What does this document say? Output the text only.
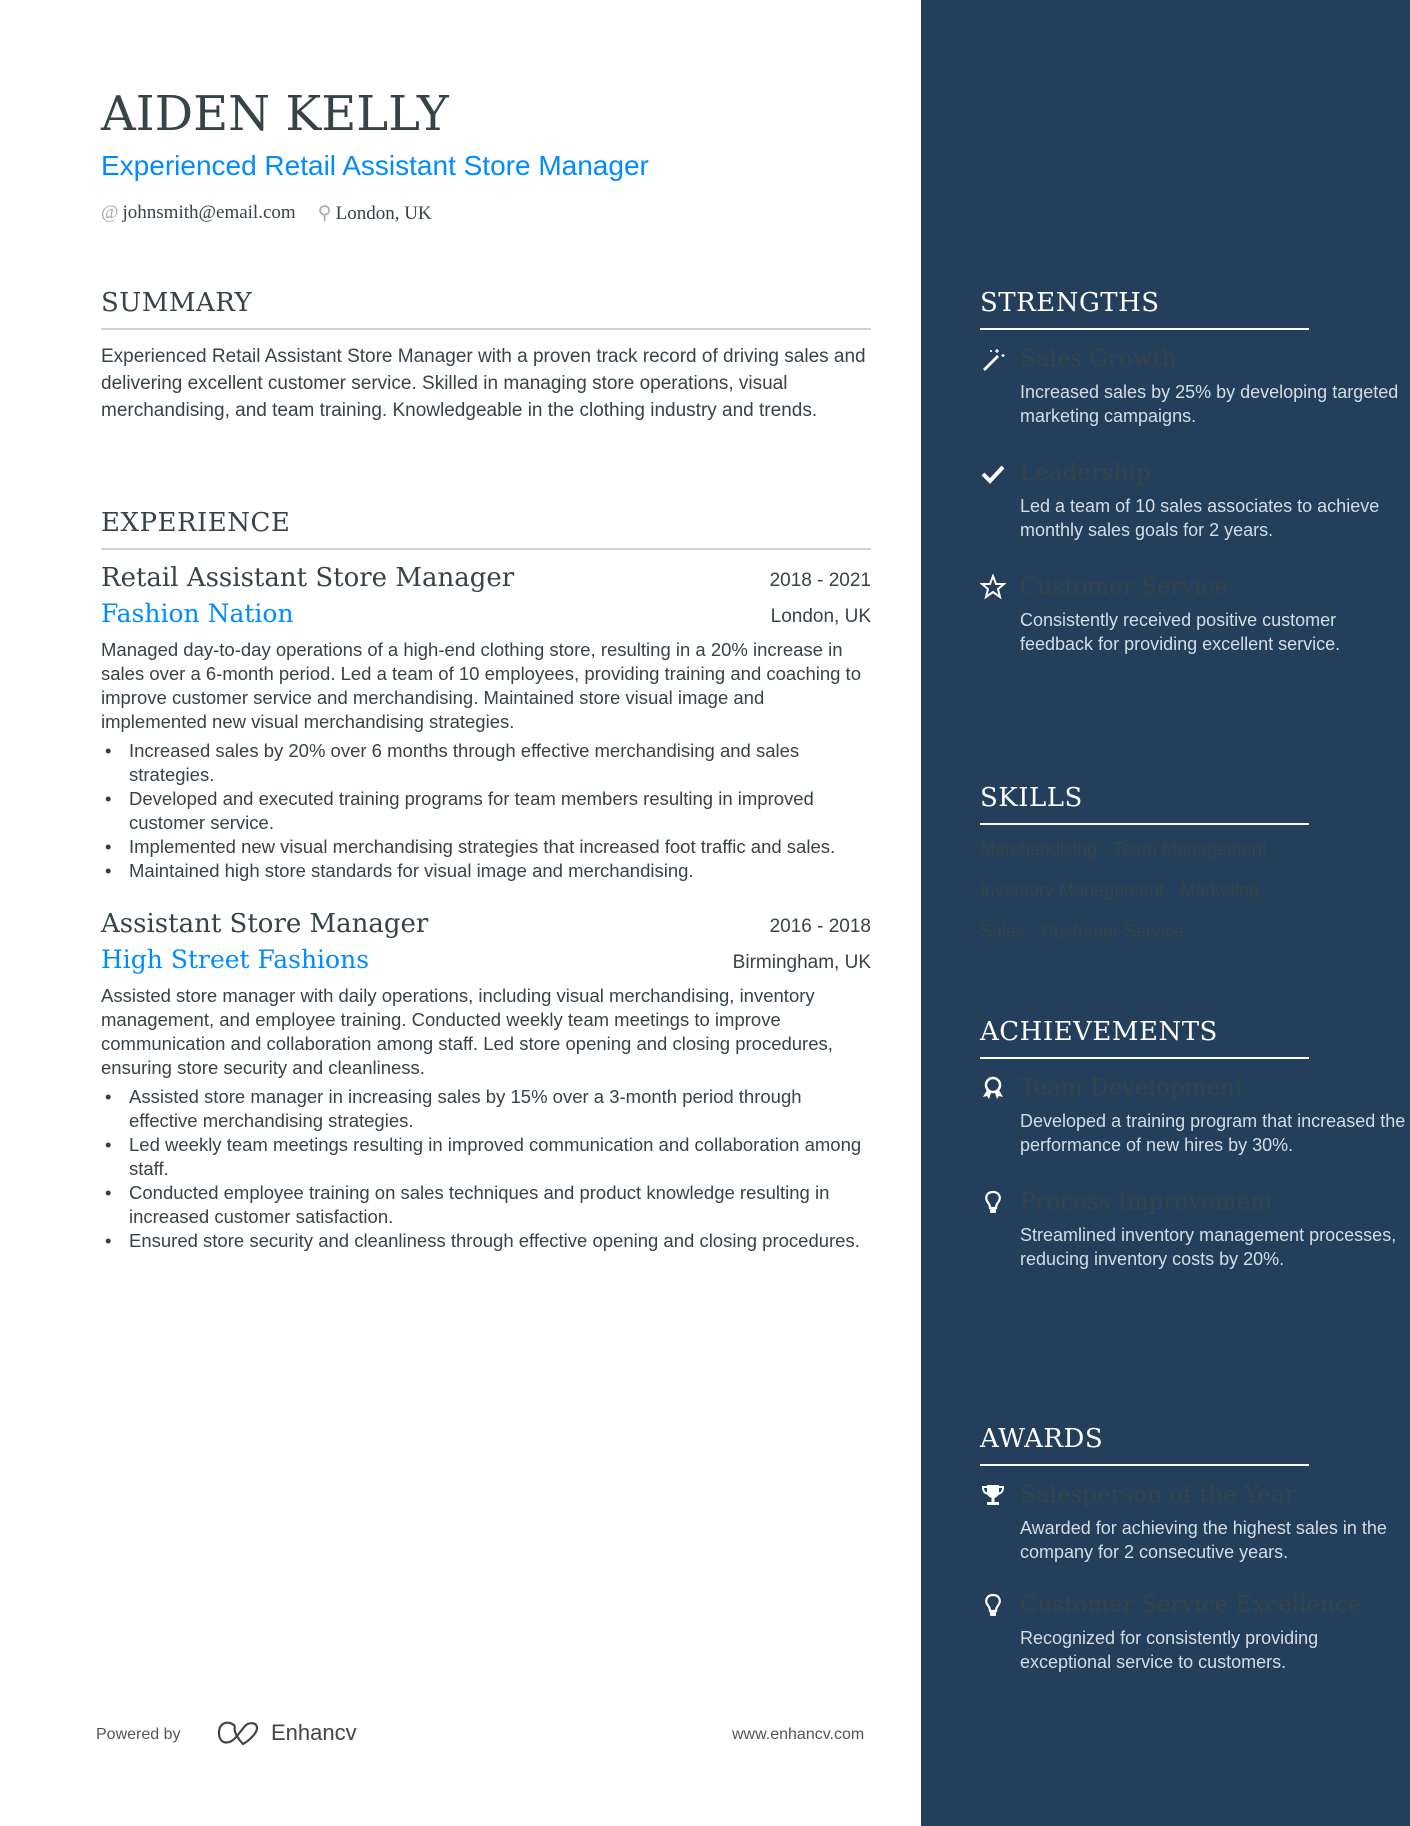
AIDEN KELLY
Experienced Retail Assistant Store Manager
@ johnsmith@email.com ⚲ London, UK
SUMMARY
Experienced Retail Assistant Store Manager with a proven track record of driving sales and delivering excellent customer service. Skilled in managing store operations, visual merchandising, and team training. Knowledgeable in the clothing industry and trends.
EXPERIENCE
Retail Assistant Store Manager	2018 - 2021
Fashion Nation	London, UK
Managed day-to-day operations of a high-end clothing store, resulting in a 20% increase in sales over a 6-month period. Led a team of 10 employees, providing training and coaching to improve customer service and merchandising. Maintained store visual image and implemented new visual merchandising strategies.
• Increased sales by 20% over 6 months through effective merchandising and sales strategies.
• Developed and executed training programs for team members resulting in improved customer service.
• Implemented new visual merchandising strategies that increased foot traffic and sales.
• Maintained high store standards for visual image and merchandising.
Assistant Store Manager	2016 - 2018
High Street Fashions	Birmingham, UK
Assisted store manager with daily operations, including visual merchandising, inventory management, and employee training. Conducted weekly team meetings to improve communication and collaboration among staff. Led store opening and closing procedures, ensuring store security and cleanliness.
• Assisted store manager in increasing sales by 15% over a 3-month period through effective merchandising strategies.
• Led weekly team meetings resulting in improved communication and collaboration among staff.
• Conducted employee training on sales techniques and product knowledge resulting in increased customer satisfaction.
• Ensured store security and cleanliness through effective opening and closing procedures.
STRENGTHS
Sales Growth
Increased sales by 25% by developing targeted marketing campaigns.
Leadership
Led a team of 10 sales associates to achieve monthly sales goals for 2 years.
Customer Service
Consistently received positive customer feedback for providing excellent service.
SKILLS
Merchandising · Team Management ·
Inventory Management · Marketing ·
Sales · Customer Service
ACHIEVEMENTS
Team Development
Developed a training program that increased the performance of new hires by 30%.
Process Improvement
Streamlined inventory management processes, reducing inventory costs by 20%.
AWARDS
Salesperson of the Year
Awarded for achieving the highest sales in the company for 2 consecutive years.
Customer Service Excellence
Recognized for consistently providing exceptional service to customers.
Powered by	Enhancv	www.enhancv.com
